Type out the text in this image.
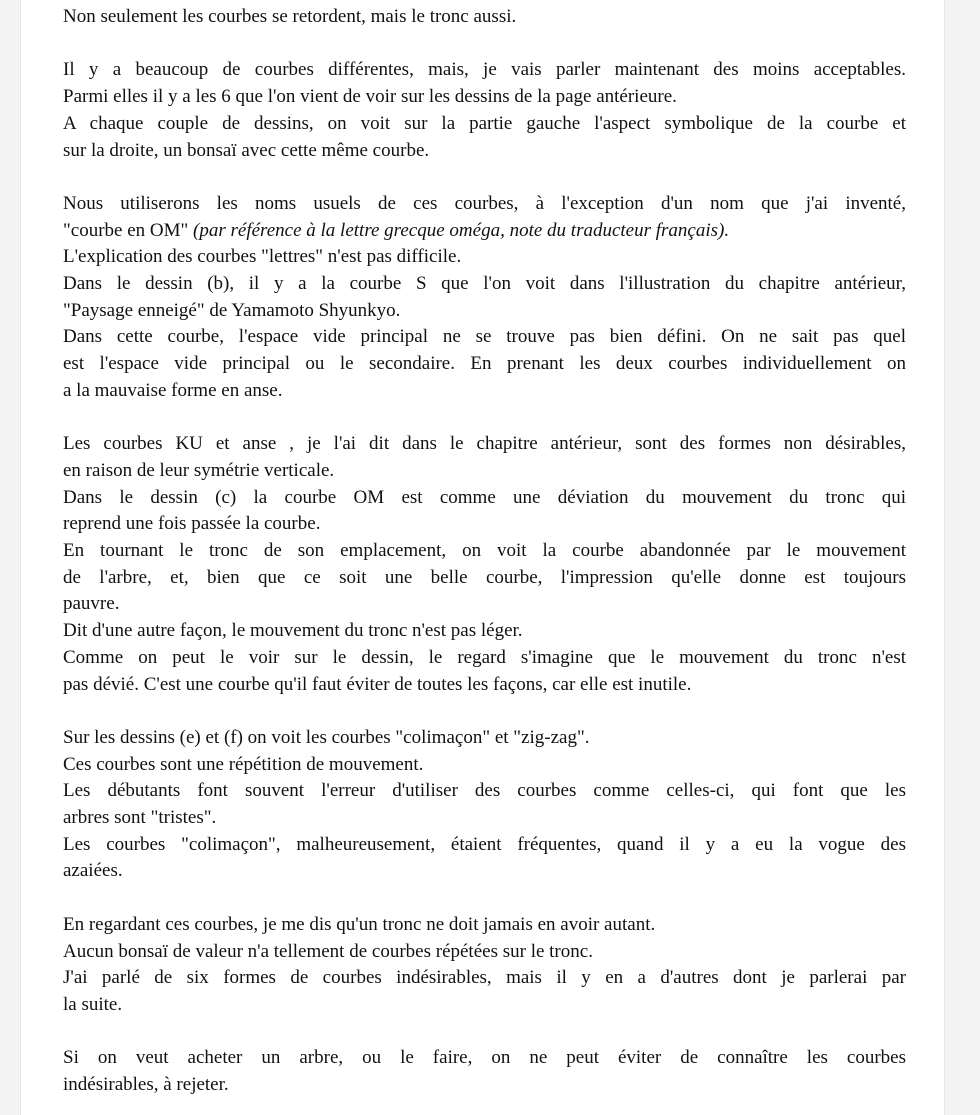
Non seulement les courbes se retordent, mais le tronc aussi.
Il y a beaucoup de courbes différentes, mais, je vais parler maintenant des moins acceptables.
Parmi elles il y a les 6 que l'on vient de voir sur les dessins de la page antérieure.
A chaque couple de dessins, on voit sur la partie gauche l'aspect symbolique de la courbe et
sur la droite, un bonsaï avec cette même courbe.
Nous utiliserons les noms usuels de ces courbes, à l'exception d'un nom que j'ai inventé,
"courbe en OM" (par référence à la lettre grecque oméga, note du traducteur français).
L'explication des courbes "lettres" n'est pas difficile.
Dans le dessin (b), il y a la courbe S que l'on voit dans l'illustration du chapitre antérieur,
"Paysage enneigé" de Yamamoto Shyunkyo.
Dans cette courbe, l'espace vide principal ne se trouve pas bien défini. On ne sait pas quel
est l'espace vide principal ou le secondaire. En prenant les deux courbes individuellement on
a la mauvaise forme en anse.
Les courbes KU et anse , je l'ai dit dans le chapitre antérieur, sont des formes non désirables,
en raison de leur symétrie verticale.
Dans le dessin (c) la courbe OM est comme une déviation du mouvement du tronc qui
reprend une fois passée la courbe.
En tournant le tronc de son emplacement, on voit la courbe abandonnée par le mouvement
de l'arbre, et, bien que ce soit une belle courbe, l'impression qu'elle donne est toujours
pauvre.
Dit d'une autre façon, le mouvement du tronc n'est pas léger.
Comme on peut le voir sur le dessin, le regard s'imagine que le mouvement du tronc n'est
pas dévié. C'est une courbe qu'il faut éviter de toutes les façons, car elle est inutile.
Sur les dessins (e) et (f) on voit les courbes "colimaçon" et "zig-zag".
Ces courbes sont une répétition de mouvement.
Les débutants font souvent l'erreur d'utiliser des courbes comme celles-ci, qui font que les
arbres sont "tristes".
Les courbes "colimaçon", malheureusement, étaient fréquentes, quand il y a eu la vogue des
azaiées.
En regardant ces courbes, je me dis qu'un tronc ne doit jamais en avoir autant.
Aucun bonsaï de valeur n'a tellement de courbes répétées sur le tronc.
J'ai parlé de six formes de courbes indésirables, mais il y en a d'autres dont je parlerai par
la suite.
Si on veut acheter un arbre, ou le faire, on ne peut éviter de connaître les courbes
indésirables, à rejeter.
